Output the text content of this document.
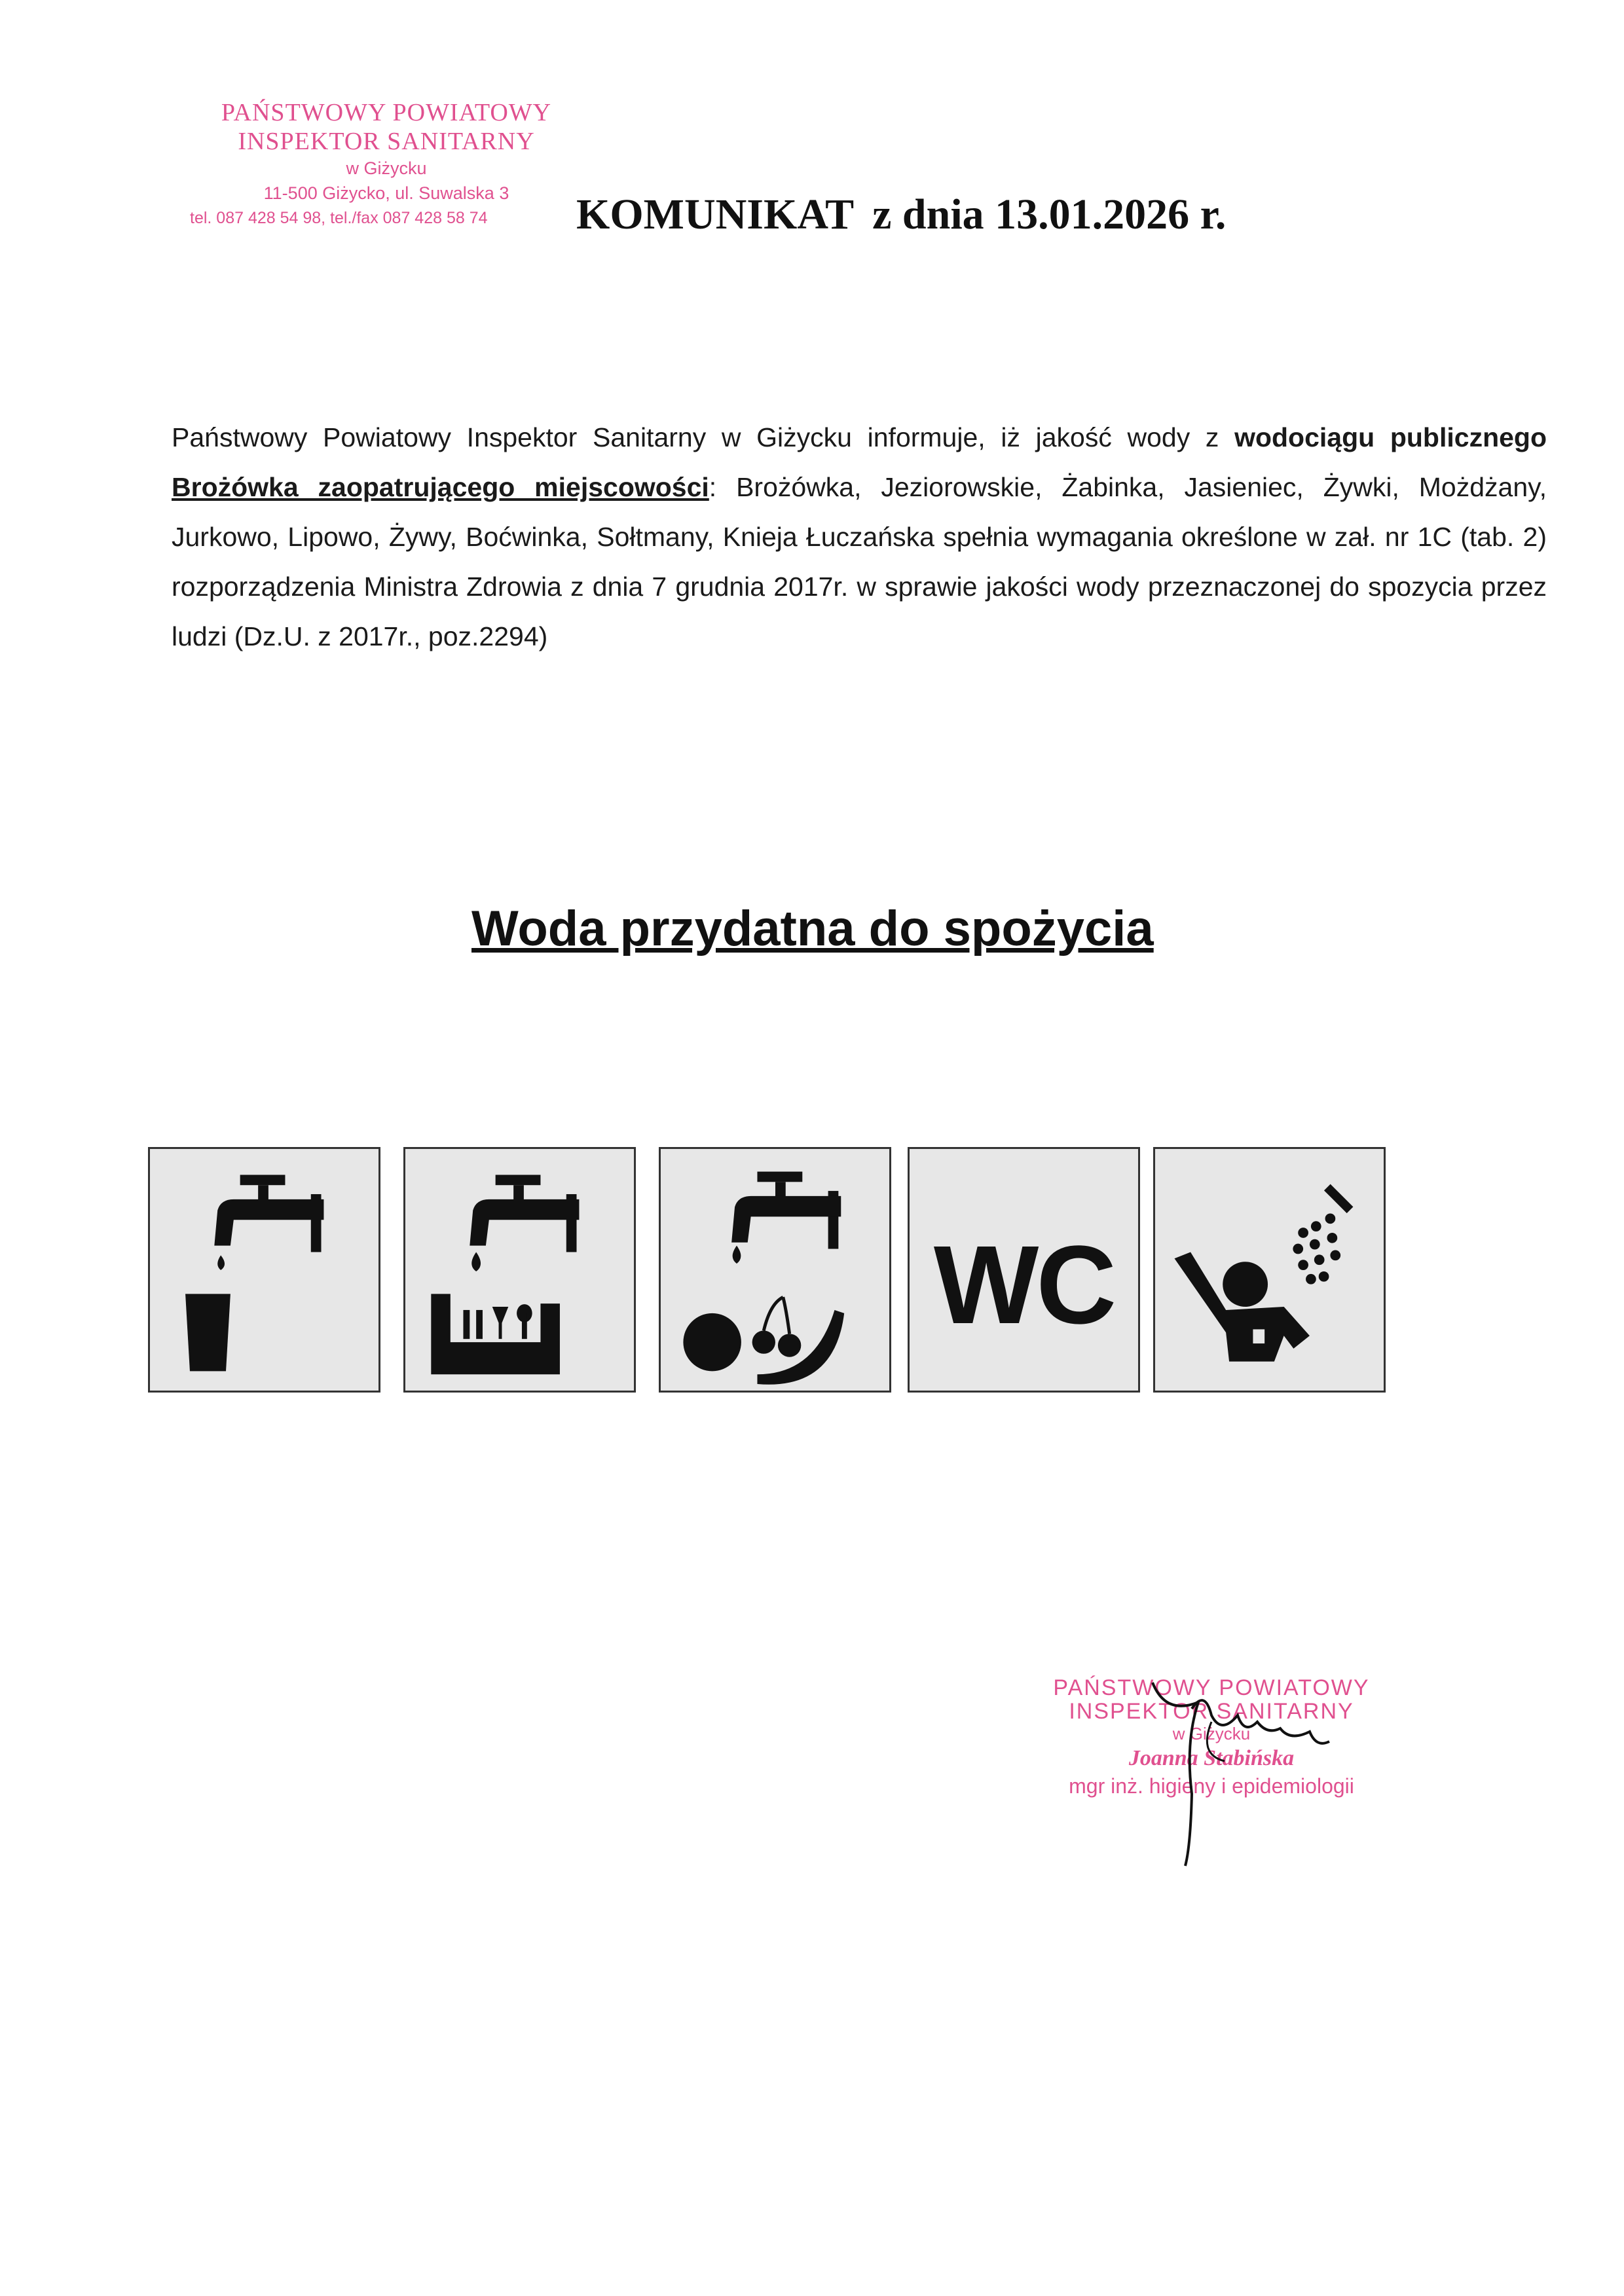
PAŃSTWOWY POWIATOWY
INSPEKTOR SANITARNY
w Giżycku
11-500 Giżycko, ul. Suwalska 3
tel. 087 428 54 98, tel./fax 087 428 58 74	KOMUNIKAT z dnia 13.01.2026 r.
Państwowy Powiatowy Inspektor Sanitarny w Giżycku informuje, iż jakość wody z wodociągu publicznego Brożówka zaopatrującego miejscowości: Brożówka, Jeziorowskie, Żabinka, Jasieniec, Żywki, Możdżany, Jurkowo, Lipowo, Żywy, Boćwinka, Sołtmany, Knieja Łuczańska spełnia wymagania określone w zał. nr 1C (tab. 2) rozporządzenia Ministra Zdrowia z dnia 7 grudnia 2017r. w sprawie jakości wody przeznaczonej do spozycia przez ludzi (Dz.U. z 2017r., poz.2294)
Woda przydatna do spożycia
WC
PAŃSTWOWY POWIATOWY
INSPEKTOR SANITARNY
w Giżycku
Joanna Stabińska
mgr inż. higieny i epidemiologii
